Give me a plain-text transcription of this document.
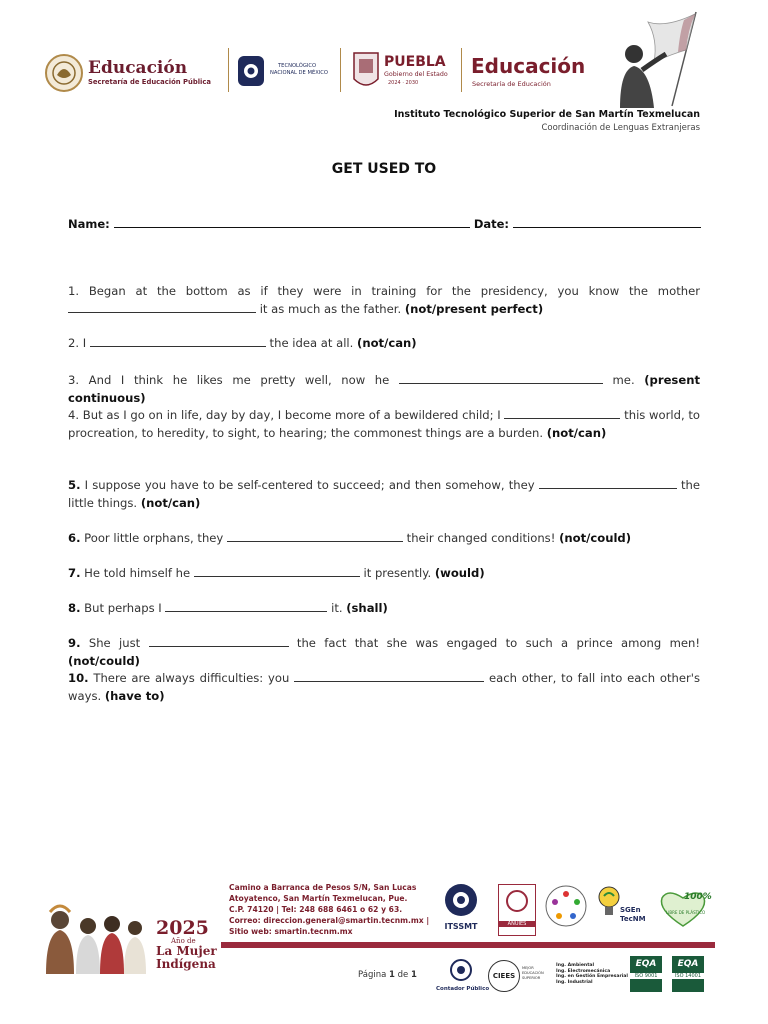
Educación
Secretaría de Educación Pública
TECNOLÓGICO
NACIONAL DE MÉXICO
PUEBLA
Gobierno del Estado
2024 · 2030
Educación
Secretaría de Educación
Instituto Tecnológico Superior de San Martín Texmelucan
Coordinación de Lenguas Extranjeras
GET USED TO
Name:	Date:
1. Began at the bottom as if they were in training for the presidency, you know the mother  it as much as the father. (not/present perfect)
2. I	the idea at all. (not/can)
3. And I think he likes me pretty well, now he	me. (present continuous)
4. But as I go on in life, day by day, I become more of a bewildered child; I	this world, to procreation, to heredity, to sight, to hearing; the commonest things are a burden. (not/can)
5. I suppose you have to be self-centered to succeed; and then somehow, they	the little things. (not/can)
6. Poor little orphans, they	their changed conditions! (not/could)
7. He told himself he	it presently. (would)
8. But perhaps I	it. (shall)
9. She just	the fact that she was engaged to such a prince among men! (not/could)
10. There are always difficulties: you	each other, to fall into each other's ways. (have to)
2025
Año de
La Mujer
Indígena
Camino a Barranca de Pesos S/N, San Lucas
Atoyatenco, San Martín Texmelucan, Pue.
C.P. 74120 | Tel: 248 688 6461 o 62 y 63.
Correo: direccion.general@smartin.tecnm.mx |
Sitio web: smartin.tecnm.mx
ITSSMT	ANUIES
SGEn
TecNM
100%
LIBRE DE PLÁSTICO
Página 1 de 1
Contador Público
CIEES
MEJOR
EDUCACIÓN
SUPERIOR
Ing. Ambiental
Ing. Electromecánica
Ing. en Gestión Empresarial
Ing. Industrial
EQA
ISO 9001
EQA
ISO 14001
